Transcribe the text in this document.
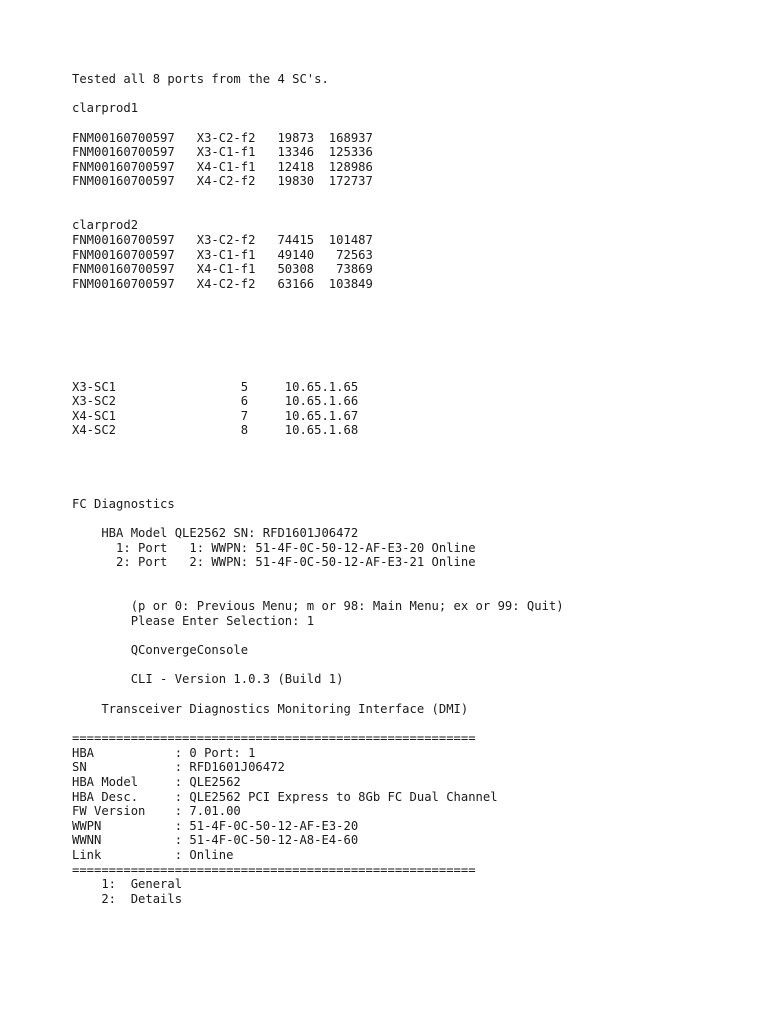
Tested all 8 ports from the 4 SC's.
clarprod1
FNM00160700597   X3-C2-f2   19873  168937
FNM00160700597   X3-C1-f1   13346  125336
FNM00160700597   X4-C1-f1   12418  128986
FNM00160700597   X4-C2-f2   19830  172737
clarprod2
FNM00160700597   X3-C2-f2   74415  101487
FNM00160700597   X3-C1-f1   49140   72563
FNM00160700597   X4-C1-f1   50308   73869
FNM00160700597   X4-C2-f2   63166  103849
X3-SC1                 5     10.65.1.65
X3-SC2                 6     10.65.1.66
X4-SC1                 7     10.65.1.67
X4-SC2                 8     10.65.1.68
FC Diagnostics
HBA Model QLE2562 SN: RFD1601J06472
1: Port   1: WWPN: 51-4F-0C-50-12-AF-E3-20 Online
2: Port   2: WWPN: 51-4F-0C-50-12-AF-E3-21 Online
(p or 0: Previous Menu; m or 98: Main Menu; ex or 99: Quit)
Please Enter Selection: 1
QConvergeConsole
CLI - Version 1.0.3 (Build 1)
Transceiver Diagnostics Monitoring Interface (DMI)
=======================================================
HBA           : 0 Port: 1
SN            : RFD1601J06472
HBA Model     : QLE2562
HBA Desc.     : QLE2562 PCI Express to 8Gb FC Dual Channel
FW Version    : 7.01.00
WWPN          : 51-4F-0C-50-12-AF-E3-20
WWNN          : 51-4F-0C-50-12-A8-E4-60
Link          : Online
=======================================================
1:  General
2:  Details
